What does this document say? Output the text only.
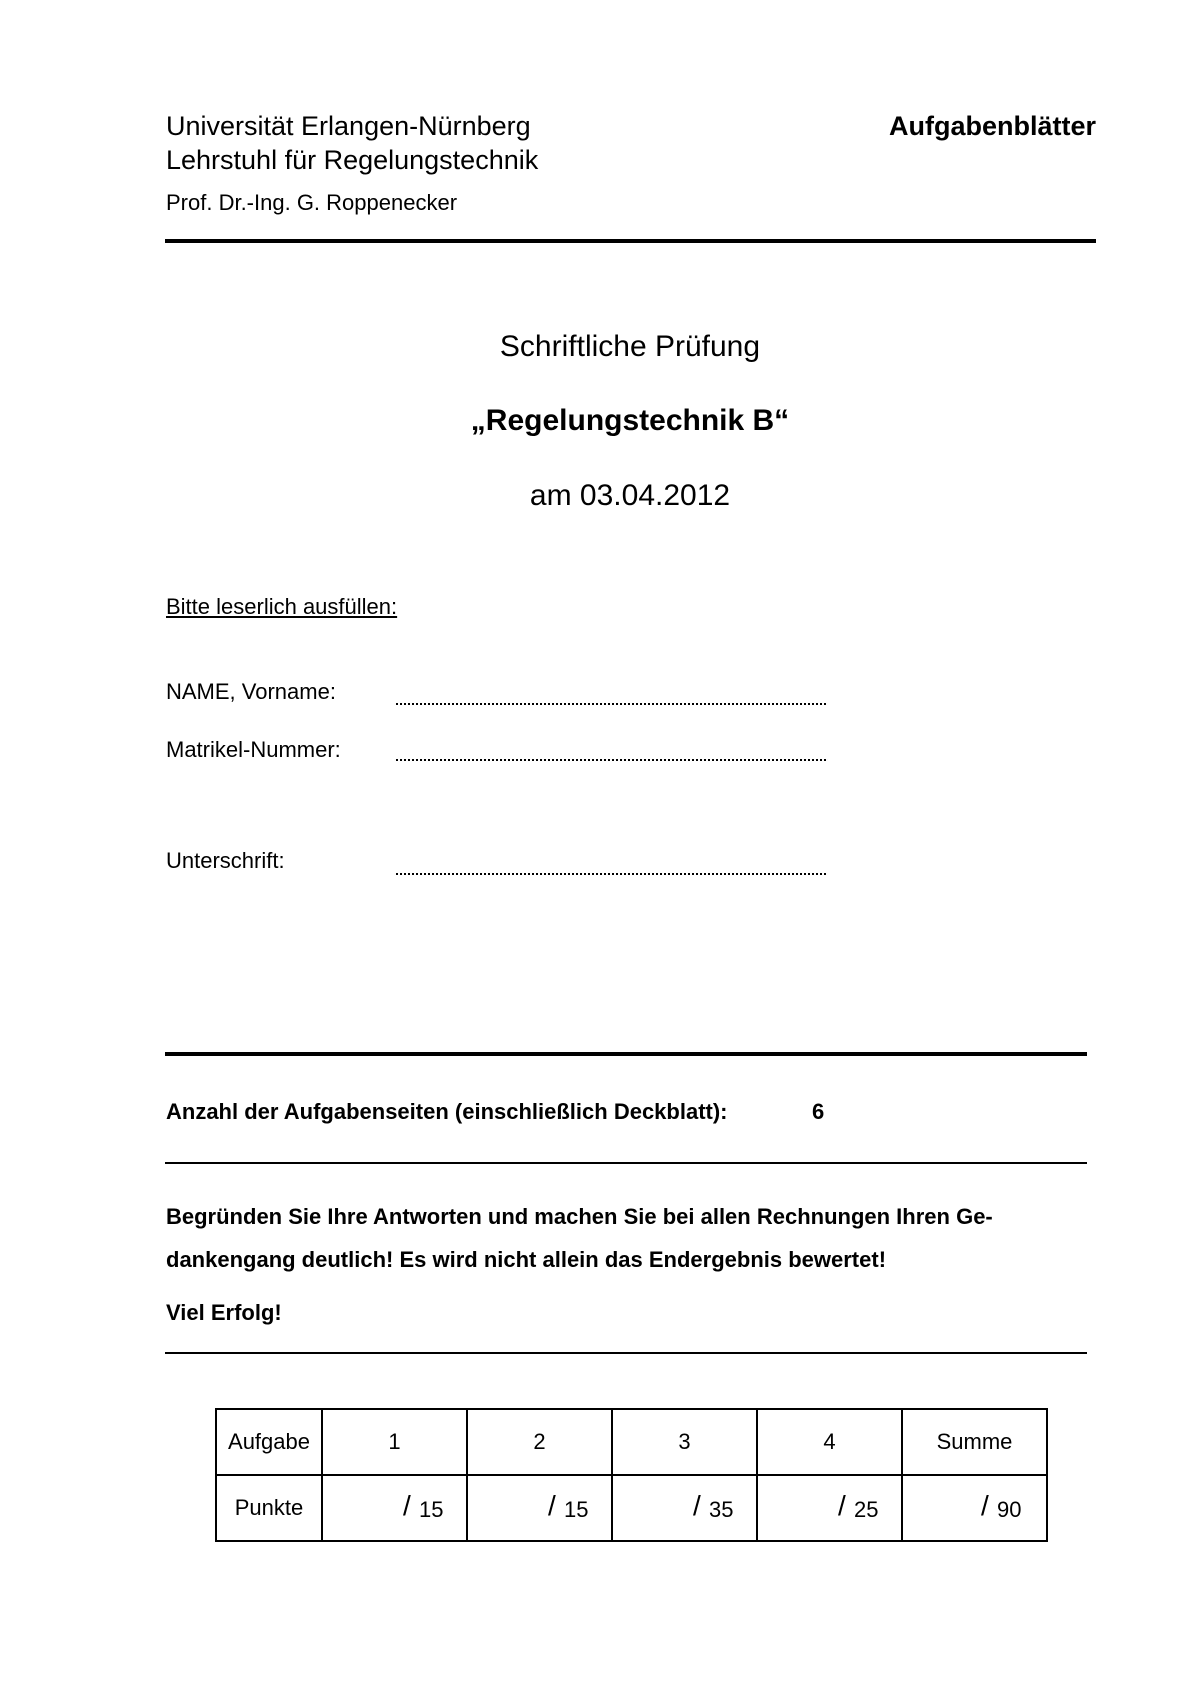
Universität Erlangen-Nürnberg
Lehrstuhl für Regelungstechnik
Prof. Dr.-Ing. G. Roppenecker
Aufgabenblätter
Schriftliche Prüfung
„Regelungstechnik B“
am 03.04.2012
Bitte leserlich ausfüllen:
NAME, Vorname:
Matrikel-Nummer:
Unterschrift:
Anzahl der Aufgabenseiten (einschließlich Deckblatt):	6
Begründen Sie Ihre Antworten und machen Sie bei allen Rechnungen Ihren Ge-
dankengang deutlich! Es wird nicht allein das Endergebnis bewertet!
Viel Erfolg!
Aufgabe	1	2	3	4	Summe
Punkte	/ 15	/ 15	/ 35	/ 25	/ 90
